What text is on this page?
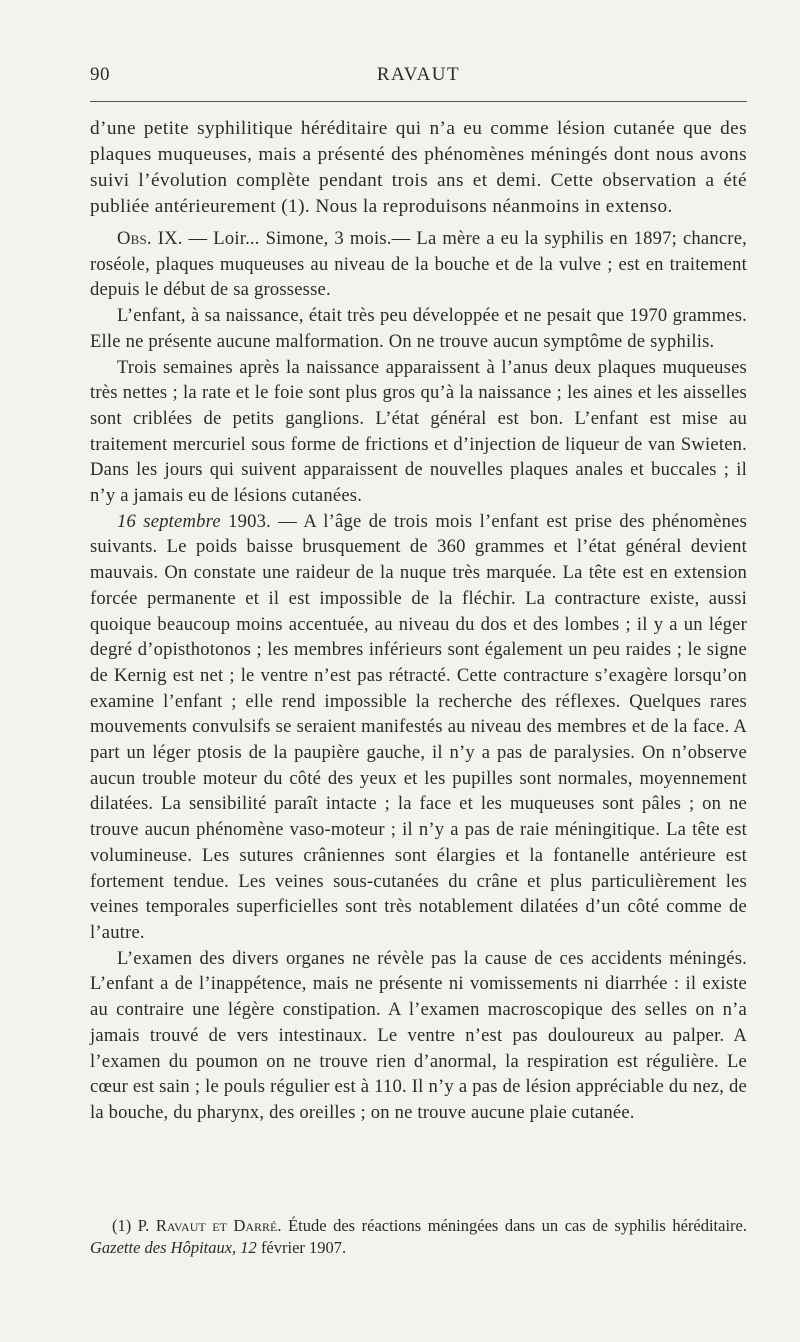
90	RAVAUT

d’une petite syphilitique héréditaire qui n’a eu comme lésion cutanée que des plaques muqueuses, mais a présenté des phénomènes méningés dont nous avons suivi l’évolution complète pendant trois ans et demi. Cette observation a été publiée antérieurement (1). Nous la reproduisons néanmoins in extenso.

Obs. IX. — Loir... Simone, 3 mois.— La mère a eu la syphilis en 1897; chancre, roséole, plaques muqueuses au niveau de la bouche et de la vulve ; est en traitement depuis le début de sa grossesse.

L’enfant, à sa naissance, était très peu développée et ne pesait que 1970 grammes. Elle ne présente aucune malformation. On ne trouve aucun symptôme de syphilis.

Trois semaines après la naissance apparaissent à l’anus deux plaques muqueuses très nettes ; la rate et le foie sont plus gros qu’à la naissance ; les aines et les aisselles sont criblées de petits ganglions. L’état général est bon. L’enfant est mise au traitement mercuriel sous forme de frictions et d’injection de liqueur de van Swieten. Dans les jours qui suivent apparaissent de nouvelles plaques anales et buccales ; il n’y a jamais eu de lésions cutanées.

16 septembre 1903. — A l’âge de trois mois l’enfant est prise des phénomènes suivants. Le poids baisse brusquement de 360 grammes et l’état général devient mauvais. On constate une raideur de la nuque très marquée. La tête est en extension forcée permanente et il est impossible de la fléchir. La contracture existe, aussi quoique beaucoup moins accentuée, au niveau du dos et des lombes ; il y a un léger degré d’opisthotonos ; les membres inférieurs sont également un peu raides ; le signe de Kernig est net ; le ventre n’est pas rétracté. Cette contracture s’exagère lorsqu’on examine l’enfant ; elle rend impossible la recherche des réflexes. Quelques rares mouvements convulsifs se seraient manifestés au niveau des membres et de la face. A part un léger ptosis de la paupière gauche, il n’y a pas de paralysies. On n’observe aucun trouble moteur du côté des yeux et les pupilles sont normales, moyennement dilatées. La sensibilité paraît intacte ; la face et les muqueuses sont pâles ; on ne trouve aucun phénomène vaso-moteur ; il n’y a pas de raie méningitique. La tête est volumineuse. Les sutures crâniennes sont élargies et la fontanelle antérieure est fortement tendue. Les veines sous-cutanées du crâne et plus particulièrement les veines temporales superficielles sont très notablement dilatées d’un côté comme de l’autre.

L’examen des divers organes ne révèle pas la cause de ces accidents méningés. L’enfant a de l’inappétence, mais ne présente ni vomissements ni diarrhée : il existe au contraire une légère constipation. A l’examen macroscopique des selles on n’a jamais trouvé de vers intestinaux. Le ventre n’est pas douloureux au palper. A l’examen du poumon on ne trouve rien d’anormal, la respiration est régulière. Le cœur est sain ; le pouls régulier est à 110. Il n’y a pas de lésion appréciable du nez, de la bouche, du pharynx, des oreilles ; on ne trouve aucune plaie cutanée.

(1) P. Ravaut et Darré. Étude des réactions méningées dans un cas de syphilis héréditaire. Gazette des Hôpitaux, 12 février 1907.
